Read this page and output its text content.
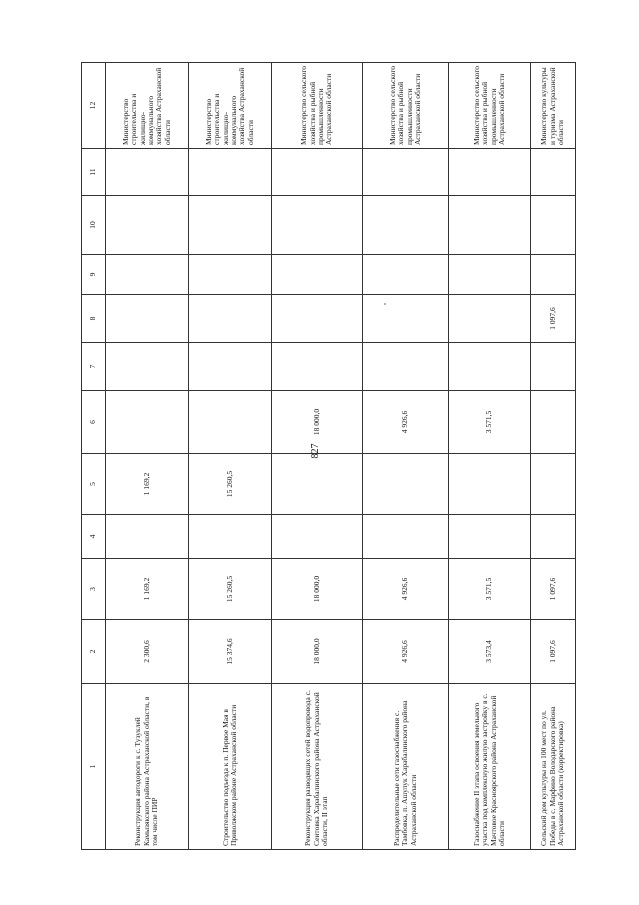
827
1	2	3	4	5	6	7	8	9	10	11	12
Реконструкция автодороги к с. Тузуклей Камызякского района Астраханской области, в том числе ПИР	2 300,6	1 169,2		1 169,2							Министерство строительства и жилищно-коммунального хозяйства Астраханской области
Строительство подъезда к п. Первое Мая в Приволжском районе Астраханской области	15 374,6	15 260,5		15 260,5							Министерство строительства и жилищно-коммунального хозяйства Астраханской области
Реконструкция разводящих сетей водопровода с. Сеитовка Харабалинского района Астраханской области, II этап	18 000,0	18 000,0			18 000,0						Министерство сельского хозяйства и рыбной промышленности Астраханской области
Распределительные сети газоснабжения с. Тамбовка, п. Ашулук Харабалинского района Астраханской области	4 926,6	4 926,6			4 926,6						Министерство сельского хозяйства и рыбной промышленности Астраханской области
Газоснабжение II этапа освоения земельного участка под комплексную жилую застройку в с. Мачтовое Красноярского района Астраханской области	3 573,4	3 571,5			3 571,5						Министерство сельского хозяйства и рыбной промышленности Астраханской области
Сельский дом культуры на 100 мест по ул. Победы в с. Марфино Володарского района Астраханской области (корректировка)	1 097,6	1 097,6					1 097,6				Министерство культуры и туризма Астраханской области
